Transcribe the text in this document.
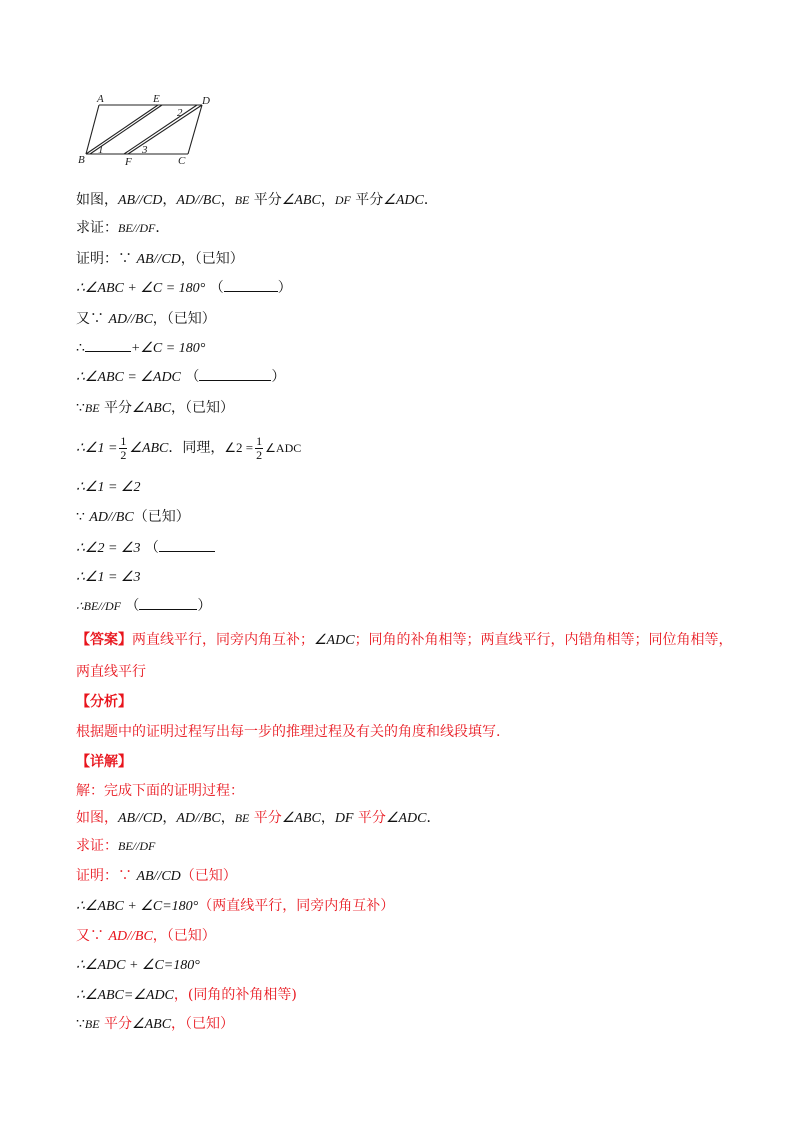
A	E	D
B	F	C
1
2
3
如图，AB//CD，AD//BC，BE 平分∠ABC，DF 平分∠ADC．
求证：BE//DF．
证明：∵ AB//CD，（已知）
∴∠ABC + ∠C = 180° （	）
又∵ AD//BC，（已知）
∴	+∠C = 180°
∴∠ABC = ∠ADC （	）
∵BE 平分∠ABC，（已知）
∴∠1 = $\frac{1}{2}$ ∠ABC．同理，∠2 = $\frac{1}{2}$ ∠ADC
∴∠1 = ∠2
∵ AD//BC（已知）
∴∠2 = ∠3 （
∴∠1 = ∠3
∴BE//DF （	）
【答案】两直线平行，同旁内角互补；∠ADC；同角的补角相等；两直线平行，内错角相等；同位角相等，
两直线平行
【分析】
根据题中的证明过程写出每一步的推理过程及有关的角度和线段填写.
【详解】
解：完成下面的证明过程：
如图，AB//CD，AD//BC，BE 平分∠ABC，DF 平分∠ADC．
求证：BE//DF
证明：∵ AB//CD（已知）
∴∠ABC + ∠C=180°（两直线平行，同旁内角互补）
又∵ AD//BC，（已知）
∴∠ADC + ∠C=180°
∴∠ABC=∠ADC，(同角的补角相等)
∵BE 平分∠ABC，（已知）
